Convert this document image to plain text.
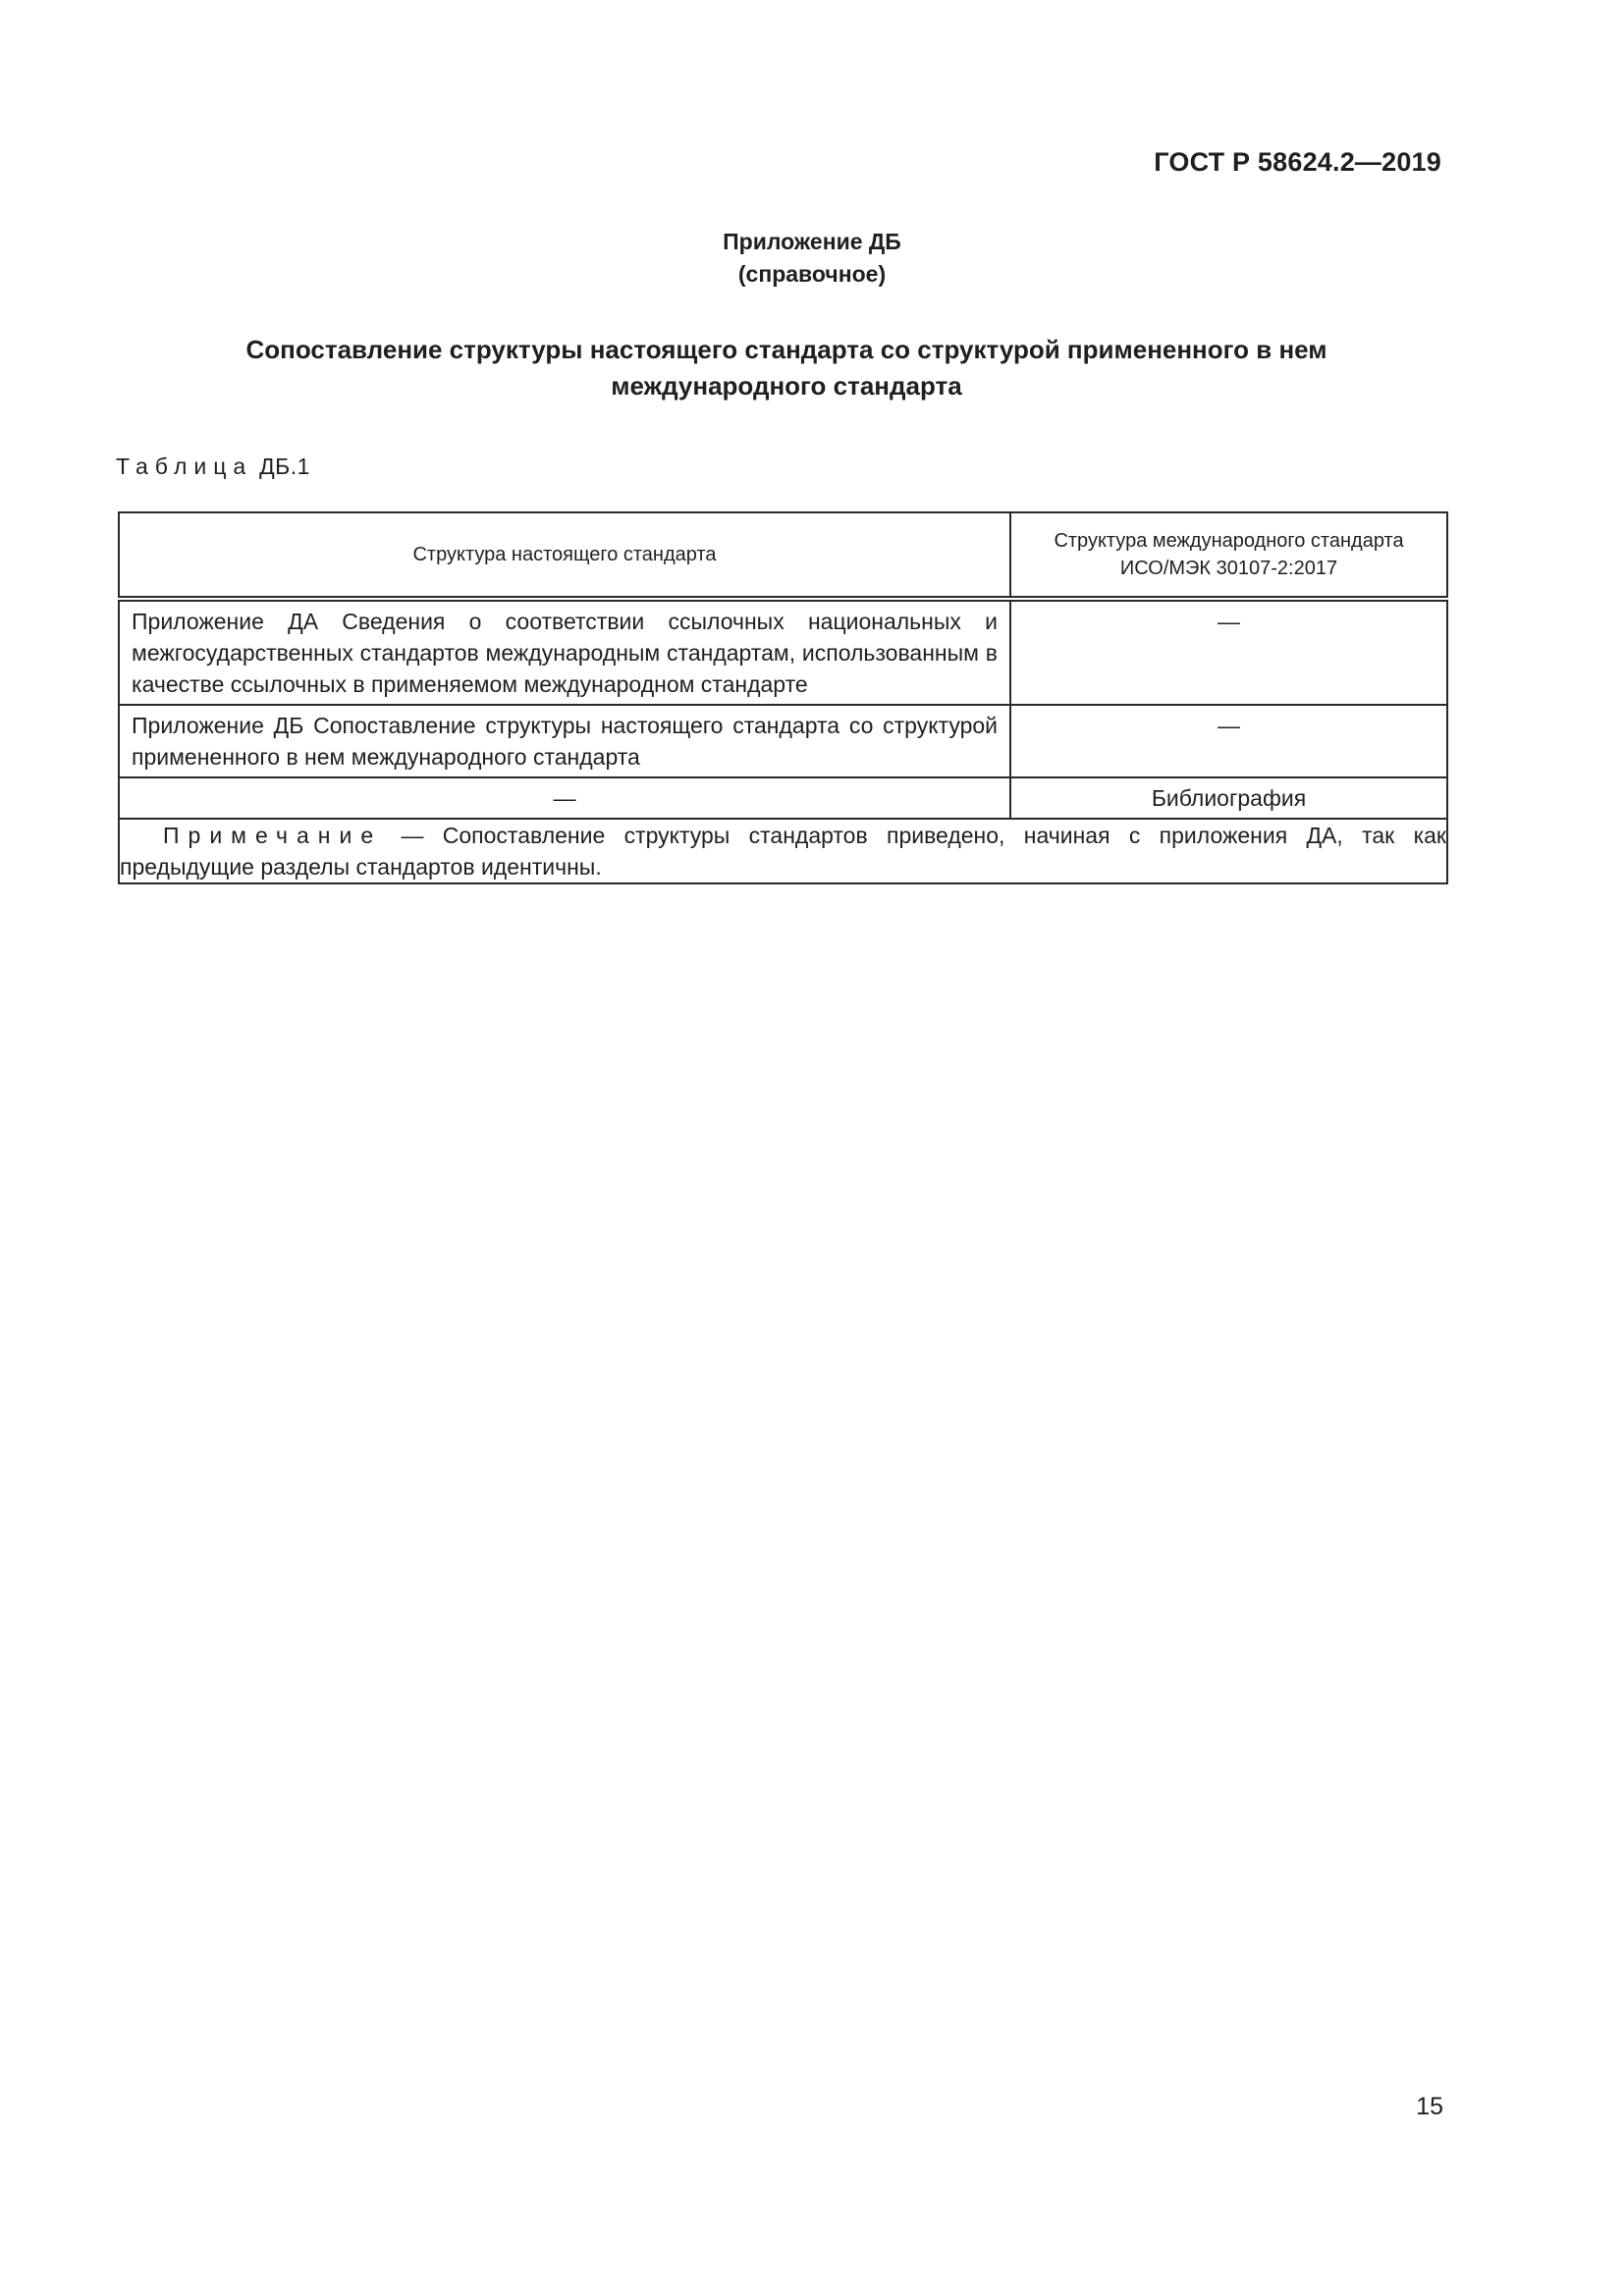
ГОСТ Р 58624.2—2019
Приложение ДБ
(справочное)
Сопоставление структуры настоящего стандарта со структурой примененного в нем
международного стандарта
Таблица ДБ.1
Структура настоящего стандарта	Структура международного стандарта
ИСО/МЭК 30107-2:2017

Приложение ДА Сведения о соответствии ссылочных национальных и межгосударственных стандартов международным стандартам, использованным в качестве ссылочных в применяемом международном стандарте	—

Приложение ДБ Сопоставление структуры настоящего стандарта со структурой примененного в нем международного стандарта	—

—	Библиография

Примечание — Сопоставление структуры стандартов приведено, начиная с приложения ДА, так как предыдущие разделы стандартов идентичны.	
15
